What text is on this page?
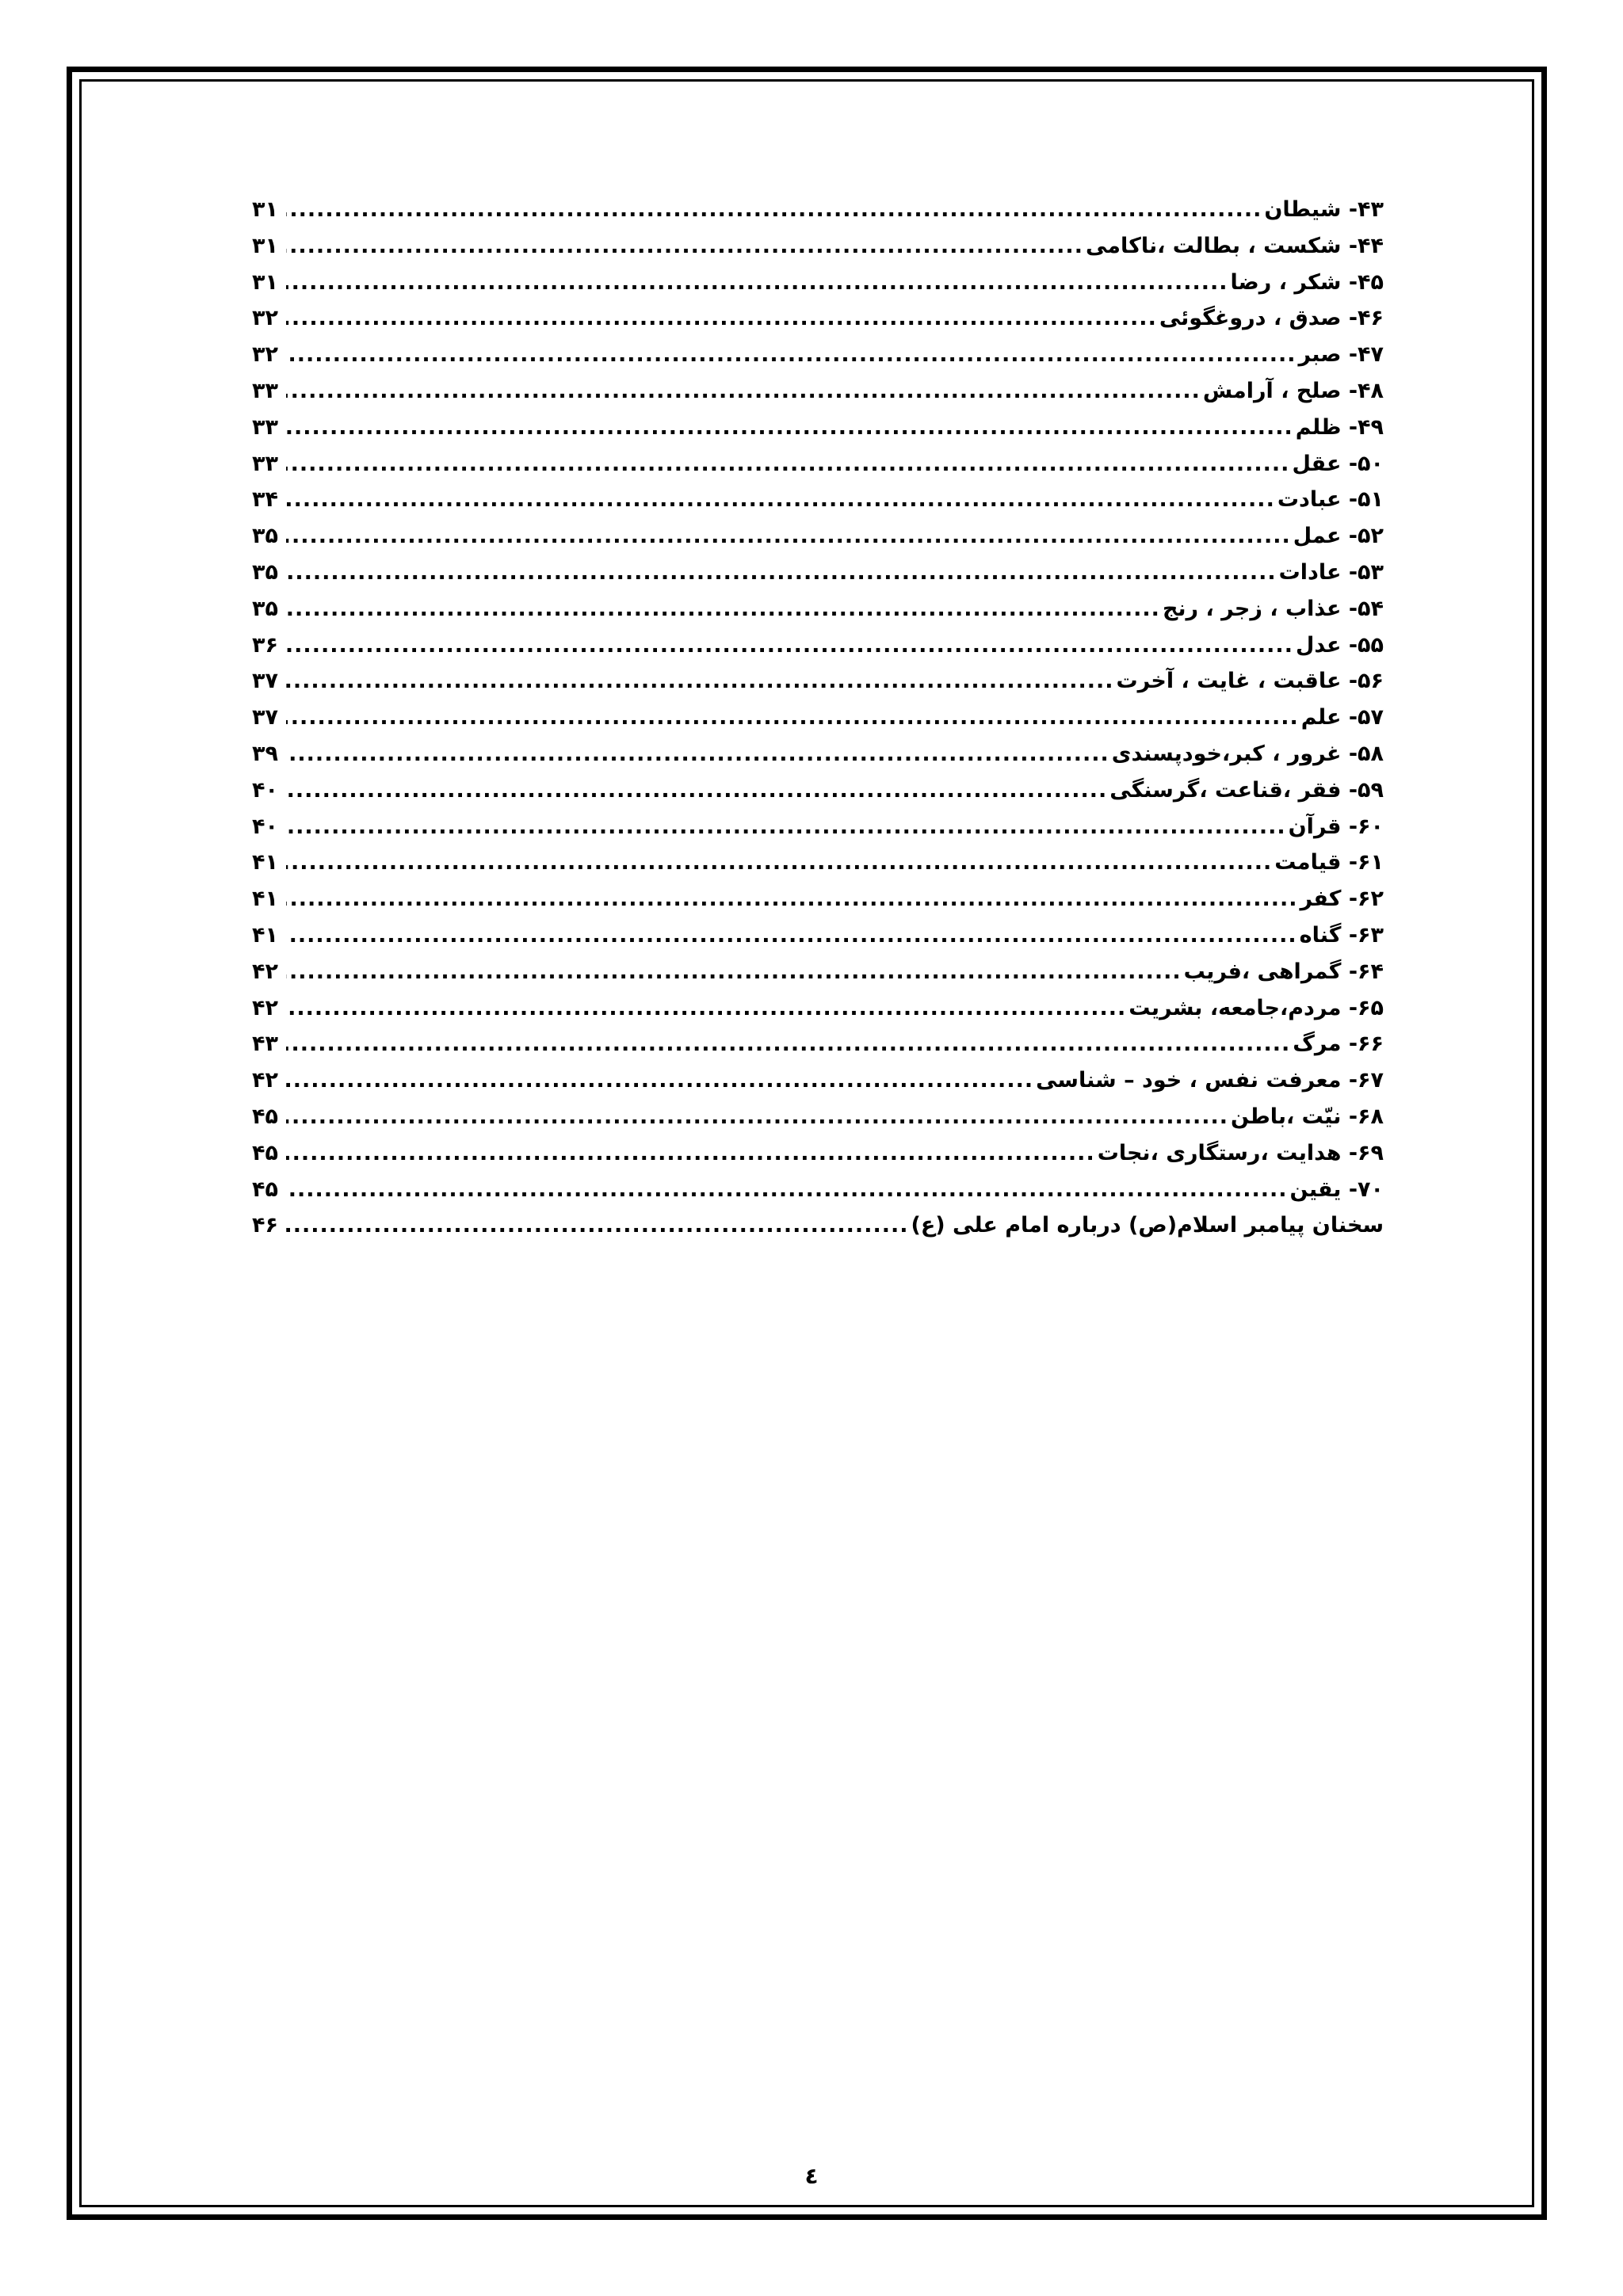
۴۳- شیطان
.....
۳۱
۴۴- شکست ، بطالت ،ناکامی
.....
۳۱
۴۵- شکر ، رضا
.....
۳۱
۴۶- صدق ، دروغگوئی
.....
۳۲
۴۷- صبر
.....
۳۲
۴۸- صلح ، آرامش
.....
۳۳
۴۹- ظلم
.....
۳۳
۵۰- عقل
.....
۳۳
۵۱- عبادت
.....
۳۴
۵۲- عمل
.....
۳۵
۵۳- عادات
.....
۳۵
۵۴- عذاب ، زجر ، رنج
.....
۳۵
۵۵- عدل
.....
۳۶
۵۶- عاقبت ، غایت ، آخرت
.....
۳۷
۵۷- علم
.....
۳۷
۵۸- غرور ، کبر،خودپسندی
.....
۳۹
۵۹- فقر ،قناعت ،گرسنگی
.....
۴۰
۶۰- قرآن
.....
۴۰
۶۱- قیامت
.....
۴۱
۶۲- کفر
.....
۴۱
۶۳- گناه
.....
۴۱
۶۴- گمراهی ،فریب
.....
۴۲
۶۵- مردم،جامعه، بشریت
.....
۴۲
۶۶- مرگ
.....
۴۳
۶۷- معرفت نفس ، خود – شناسی
.....
۴۲
۶۸- نیّت ،باطن
.....
۴۵
۶۹- هدایت ،رستگاری ،نجات
.....
۴۵
۷۰- یقین
.....
۴۵
سخنان پیامبر اسلام(ص) درباره امام علی (ع)
.....
۴۶
٤
